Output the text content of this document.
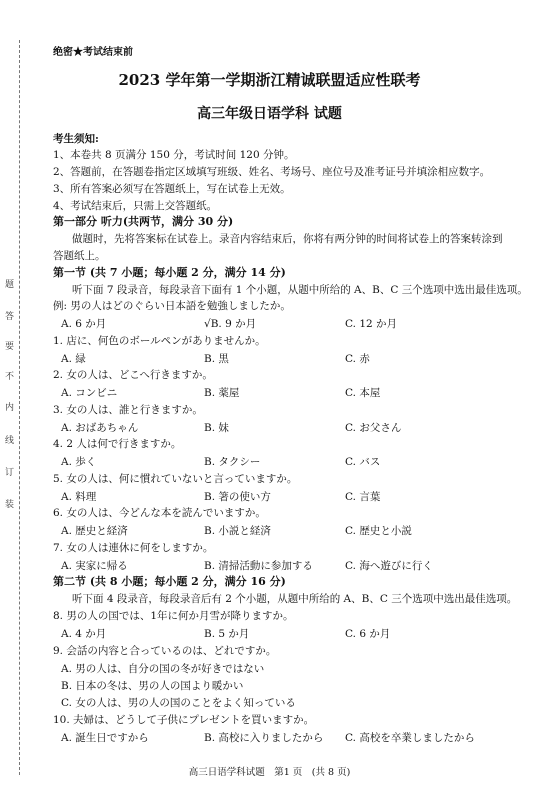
题
答
要
不
内
线
订
装
绝密★考试结束前
2023 学年第一学期浙江精诚联盟适应性联考
高三年级日语学科 试题
考生须知:
1、本卷共 8 页满分 150 分，考试时间 120 分钟。
2、答题前，在答题卷指定区域填写班级、姓名、考场号、座位号及准考证号并填涂相应数字。
3、所有答案必须写在答题纸上，写在试卷上无效。
4、考试结束后，只需上交答题纸。
第一部分 听力(共两节，满分 30 分)
做题时，先将答案标在试卷上。录音内容结束后，你将有两分钟的时间将试卷上的答案转涂到
答题纸上。
第一节 (共 7 小题；每小题 2 分，满分 14 分)
听下面 7 段录音，每段录音下面有 1 个小题，从题中所给的 A、B、C 三个选项中选出最佳选项。
例: 男の人はどのぐらい日本語を勉強しましたか。
A. 6 か月	√B. 9 か月	C. 12 か月
1. 店に、何色のボールペンがありませんか。
A. 緑	B. 黒	C. 赤
2. 女の人は、どこへ行きますか。
A. コンビニ	B. 薬屋	C. 本屋
3. 女の人は、誰と行きますか。
A. おばあちゃん	B. 妹	C. お父さん
4. 2 人は何で行きますか。
A. 歩く	B. タクシー	C. バス
5. 女の人は、何に慣れていないと言っていますか。
A. 料理	B. 箸の使い方	C. 言葉
6. 女の人は、今どんな本を読んでいますか。
A. 歴史と経済	B. 小説と経済	C. 歴史と小説
7. 女の人は連休に何をしますか。
A. 実家に帰る	B. 清掃活動に参加する	C. 海へ遊びに行く
第二节 (共 8 小题；每小题 2 分，满分 16 分)
听下面 4 段录音，每段录音后有 2 个小题，从题中所给的 A、B、C 三个选项中选出最佳选项。
8. 男の人の国では、1年に何か月雪が降りますか。
A. 4 か月	B. 5 か月	C. 6 か月
9. 会話の内容と合っているのは、どれですか。
A. 男の人は、自分の国の冬が好きではない
B. 日本の冬は、男の人の国より暖かい
C. 女の人は、男の人の国のことをよく知っている
10. 夫婦は、どうして子供にプレゼントを買いますか。
A. 誕生日ですから	B. 高校に入りましたから C. 高校を卒業しましたから
高三日语学科试题　第1 页　(共 8 页)
